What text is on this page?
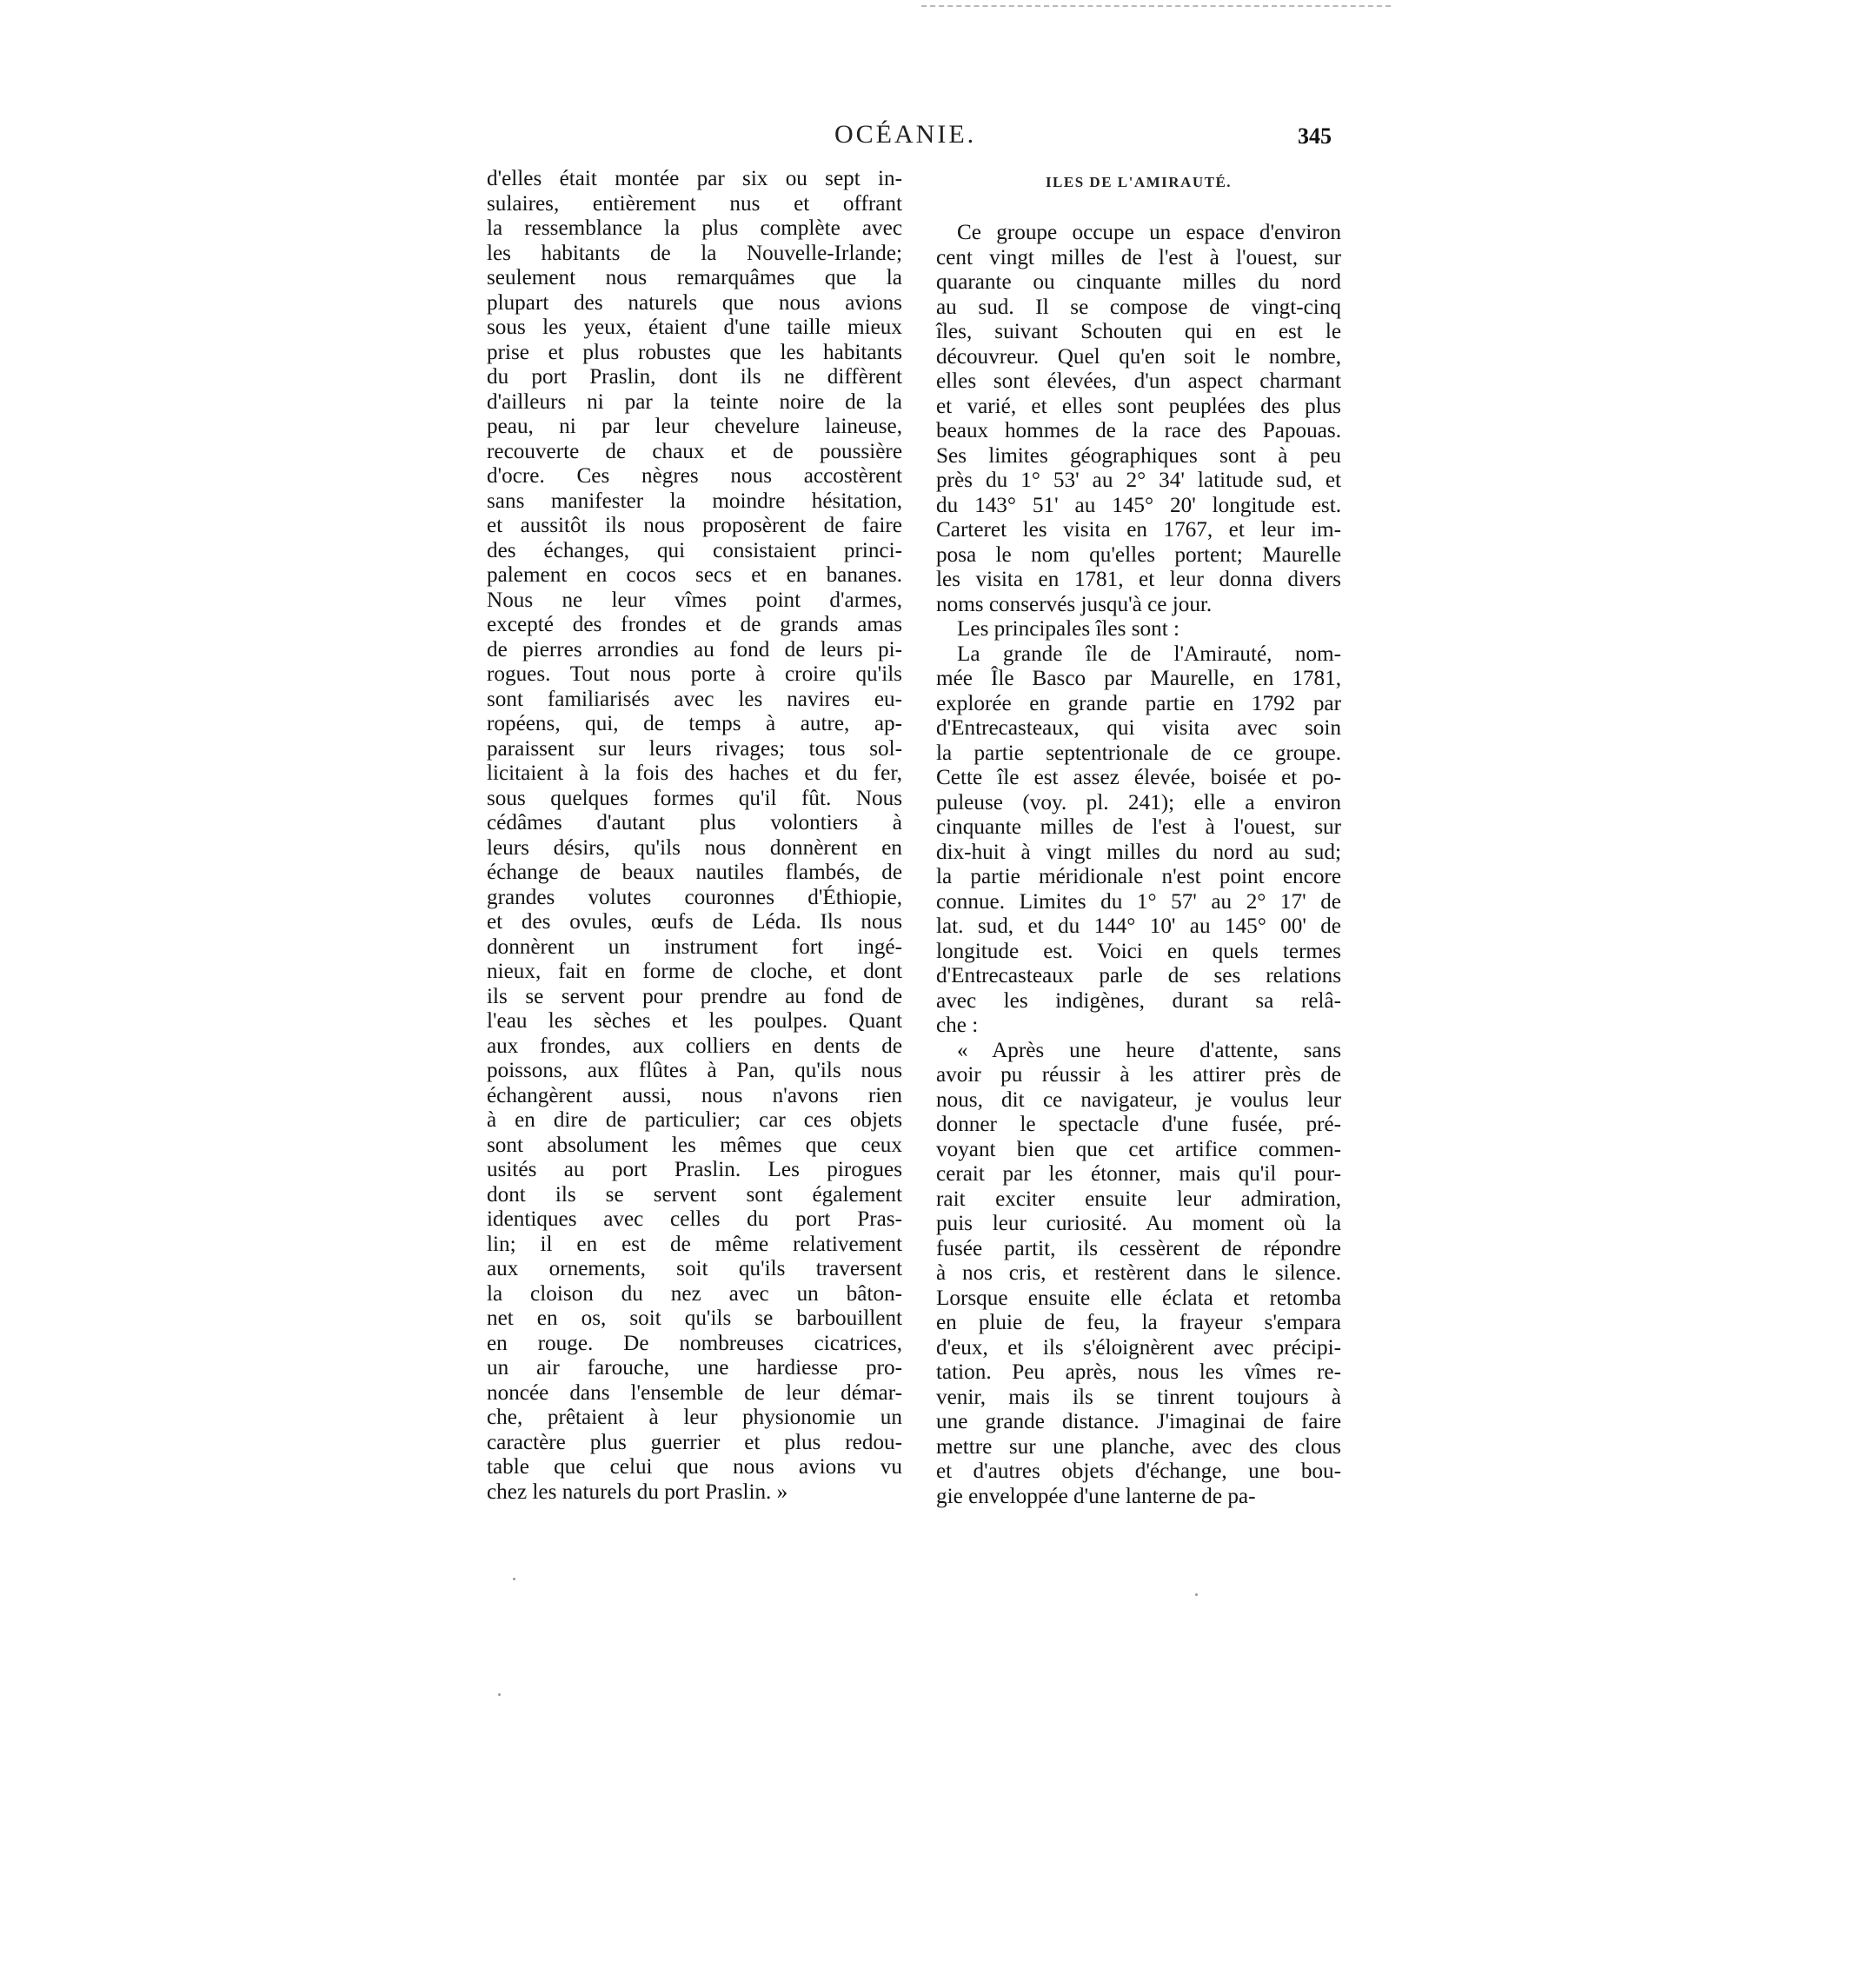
OCÉANIE.	345
d'elles était montée par six ou sept in-
sulaires, entièrement nus et offrant
la ressemblance la plus complète avec
les habitants de la Nouvelle-Irlande;
seulement nous remarquâmes que la
plupart des naturels que nous avions
sous les yeux, étaient d'une taille mieux
prise et plus robustes que les habitants
du port Praslin, dont ils ne diffèrent
d'ailleurs ni par la teinte noire de la
peau, ni par leur chevelure laineuse,
recouverte de chaux et de poussière
d'ocre. Ces nègres nous accostèrent
sans manifester la moindre hésitation,
et aussitôt ils nous proposèrent de faire
des échanges, qui consistaient princi-
palement en cocos secs et en bananes.
Nous ne leur vîmes point d'armes,
excepté des frondes et de grands amas
de pierres arrondies au fond de leurs pi-
rogues. Tout nous porte à croire qu'ils
sont familiarisés avec les navires eu-
ropéens, qui, de temps à autre, ap-
paraissent sur leurs rivages; tous sol-
licitaient à la fois des haches et du fer,
sous quelques formes qu'il fût. Nous
cédâmes d'autant plus volontiers à
leurs désirs, qu'ils nous donnèrent en
échange de beaux nautiles flambés, de
grandes volutes couronnes d'Éthiopie,
et des ovules, œufs de Léda. Ils nous
donnèrent un instrument fort ingé-
nieux, fait en forme de cloche, et dont
ils se servent pour prendre au fond de
l'eau les sèches et les poulpes. Quant
aux frondes, aux colliers en dents de
poissons, aux flûtes à Pan, qu'ils nous
échangèrent aussi, nous n'avons rien
à en dire de particulier; car ces objets
sont absolument les mêmes que ceux
usités au port Praslin. Les pirogues
dont ils se servent sont également
identiques avec celles du port Pras-
lin; il en est de même relativement
aux ornements, soit qu'ils traversent
la cloison du nez avec un bâton-
net en os, soit qu'ils se barbouillent
en rouge. De nombreuses cicatrices,
un air farouche, une hardiesse pro-
noncée dans l'ensemble de leur démar-
che, prêtaient à leur physionomie un
caractère plus guerrier et plus redou-
table que celui que nous avions vu
chez les naturels du port Praslin. »
ILES DE L'AMIRAUTÉ.
Ce groupe occupe un espace d'environ
cent vingt milles de l'est à l'ouest, sur
quarante ou cinquante milles du nord
au sud. Il se compose de vingt-cinq
îles, suivant Schouten qui en est le
découvreur. Quel qu'en soit le nombre,
elles sont élevées, d'un aspect charmant
et varié, et elles sont peuplées des plus
beaux hommes de la race des Papouas.
Ses limites géographiques sont à peu
près du 1° 53' au 2° 34' latitude sud, et
du 143° 51' au 145° 20' longitude est.
Carteret les visita en 1767, et leur im-
posa le nom qu'elles portent; Maurelle
les visita en 1781, et leur donna divers
noms conservés jusqu'à ce jour.
Les principales îles sont :
La grande île de l'Amirauté, nom-
mée Île Basco par Maurelle, en 1781,
explorée en grande partie en 1792 par
d'Entrecasteaux, qui visita avec soin
la partie septentrionale de ce groupe.
Cette île est assez élevée, boisée et po-
puleuse (voy. pl. 241); elle a environ
cinquante milles de l'est à l'ouest, sur
dix-huit à vingt milles du nord au sud;
la partie méridionale n'est point encore
connue. Limites du 1° 57' au 2° 17' de
lat. sud, et du 144° 10' au 145° 00' de
longitude est. Voici en quels termes
d'Entrecasteaux parle de ses relations
avec les indigènes, durant sa relâ-
che :
« Après une heure d'attente, sans
avoir pu réussir à les attirer près de
nous, dit ce navigateur, je voulus leur
donner le spectacle d'une fusée, pré-
voyant bien que cet artifice commen-
cerait par les étonner, mais qu'il pour-
rait exciter ensuite leur admiration,
puis leur curiosité. Au moment où la
fusée partit, ils cessèrent de répondre
à nos cris, et restèrent dans le silence.
Lorsque ensuite elle éclata et retomba
en pluie de feu, la frayeur s'empara
d'eux, et ils s'éloignèrent avec précipi-
tation. Peu après, nous les vîmes re-
venir, mais ils se tinrent toujours à
une grande distance. J'imaginai de faire
mettre sur une planche, avec des clous
et d'autres objets d'échange, une bou-
gie enveloppée d'une lanterne de pa-
